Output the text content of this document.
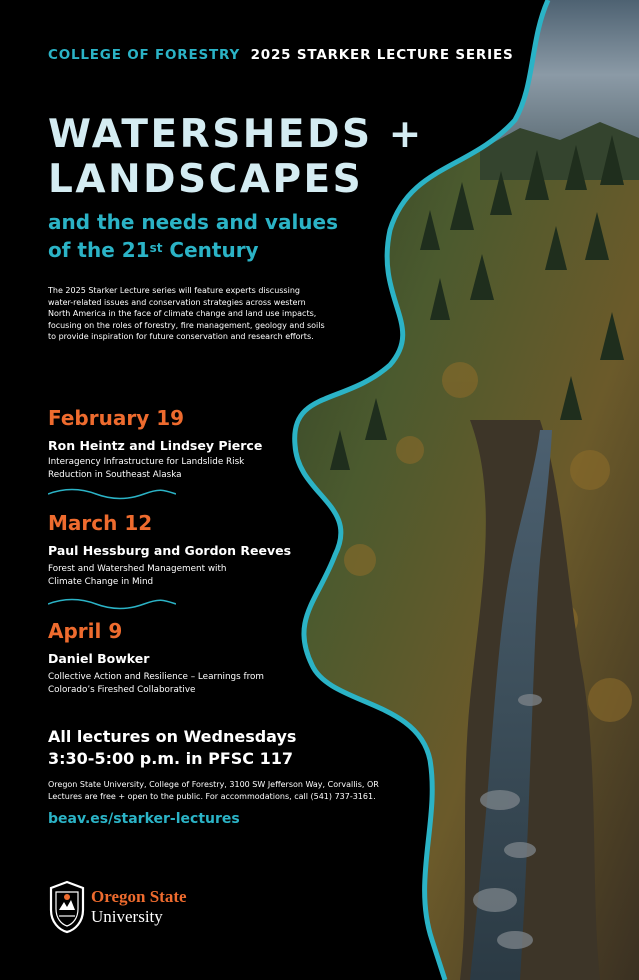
COLLEGE OF FORESTRY 2025 STARKER LECTURE SERIES
WATERSHEDS +
LANDSCAPES
and the needs and values
of the 21st Century

The 2025 Starker Lecture series will feature experts discussing water-related issues and conservation strategies across western North America in the face of climate change and land use impacts, focusing on the roles of forestry, fire management, geology and soils to provide inspiration for future conservation and research efforts.

February 19
Ron Heintz and Lindsey Pierce
Interagency Infrastructure for Landslide Risk
Reduction in Southeast Alaska
March 12
Paul Hessburg and Gordon Reeves
Forest and Watershed Management with
Climate Change in Mind
April 9
Daniel Bowker
Collective Action and Resilience – Learnings from
Colorado’s Fireshed Collaborative
All lectures on Wednesdays
3:30-5:00 p.m. in PFSC 117
Oregon State University, College of Forestry, 3100 SW Jefferson Way, Corvallis, OR
Lectures are free + open to the public. For accommodations, call (541) 737-3161.
beav.es/starker-lectures
Oregon State
University
